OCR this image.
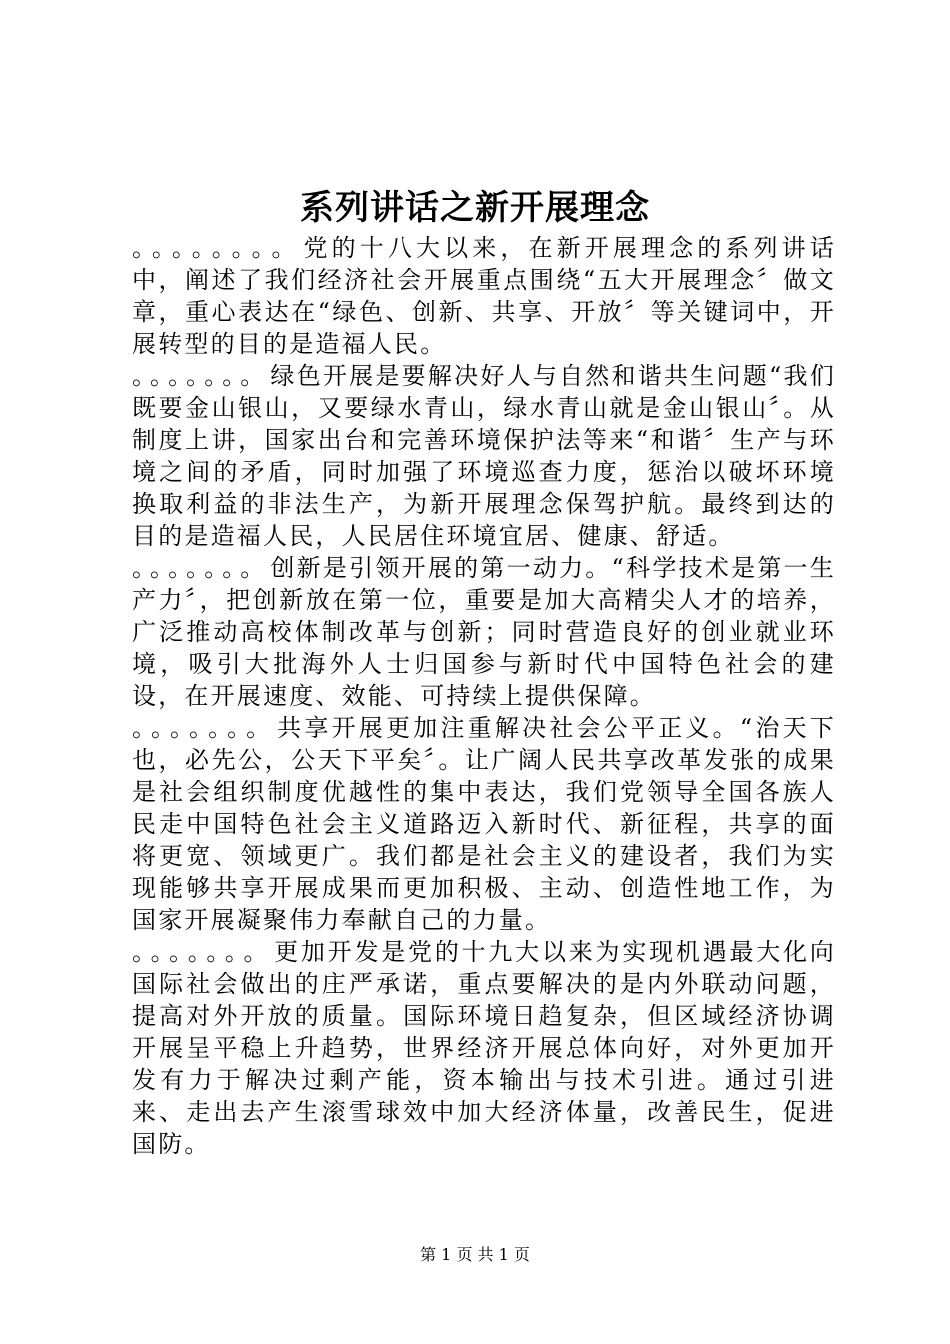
系列讲话之新开展理念

。。。。。。。。党的十八大以来，在新开展理念的系列讲话中，阐述了我们经济社会开展重点围绕“五大开展理念〞做文章，重心表达在“绿色、创新、共享、开放〞等关键词中，开展转型的目的是造福人民。

。。。。。。。绿色开展是要解决好人与自然和谐共生问题“我们既要金山银山，又要绿水青山，绿水青山就是金山银山〞。从制度上讲，国家出台和完善环境保护法等来“和谐〞生产与环境之间的矛盾，同时加强了环境巡查力度，惩治以破坏环境换取利益的非法生产，为新开展理念保驾护航。最终到达的目的是造福人民，人民居住环境宜居、健康、舒适。

。。。。。。。创新是引领开展的第一动力。“科学技术是第一生产力〞，把创新放在第一位，重要是加大高精尖人才的培养，广泛推动高校体制改革与创新；同时营造良好的创业就业环境，吸引大批海外人士归国参与新时代中国特色社会的建设，在开展速度、效能、可持续上提供保障。

。。。。。。。共享开展更加注重解决社会公平正义。“治天下也，必先公，公天下平矣〞。让广阔人民共享改革发张的成果是社会组织制度优越性的集中表达，我们党领导全国各族人民走中国特色社会主义道路迈入新时代、新征程，共享的面将更宽、领域更广。我们都是社会主义的建设者，我们为实现能够共享开展成果而更加积极、主动、创造性地工作，为国家开展凝聚伟力奉献自己的力量。

。。。。。。。更加开发是党的十九大以来为实现机遇最大化向国际社会做出的庄严承诺，重点要解决的是内外联动问题，提高对外开放的质量。国际环境日趋复杂，但区域经济协调开展呈平稳上升趋势，世界经济开展总体向好，对外更加开发有力于解决过剩产能，资本输出与技术引进。通过引进来、走出去产生滚雪球效中加大经济体量，改善民生，促进国防。

第 1 页 共 1 页
